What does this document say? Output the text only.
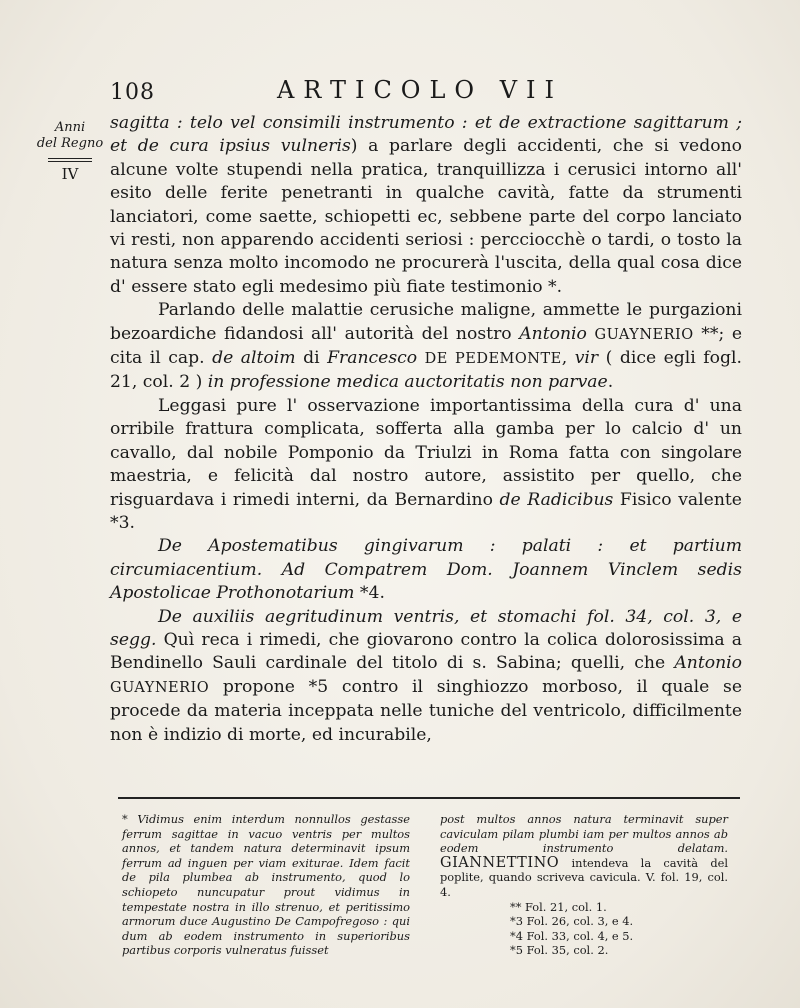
108	ARTICOLO VII
Anni
del Regno
IV

sagitta : telo vel consimili instrumento : et de extractione sagittarum ; et de cura ipsius vulneris) a parlare degli accidenti, che si vedono alcune volte stupendi nella pratica, tranquillizza i cerusici intorno all' esito delle ferite penetranti in qualche cavità, fatte da strumenti lanciatori, come saette, schiopetti ec, sebbene parte del corpo lanciato vi resti, non apparendo accidenti seriosi : percciocchè o tardi, o tosto la natura senza molto incomodo ne procurerà l'uscita, della qual cosa dice d' essere stato egli medesimo più fiate testimonio *.

Parlando delle malattie cerusiche maligne, ammette le purgazioni bezoardiche fidandosi all' autorità del nostro Antonio GUAYNERIO **; e cita il cap. de altoim di Francesco DE PEDEMONTE, vir ( dice egli fogl. 21, col. 2 ) in professione medica auctoritatis non parvae.

Leggasi pure l' osservazione importantissima della cura d' una orribile frattura complicata, sofferta alla gamba per lo calcio d' un cavallo, dal nobile Pomponio da Triulzi in Roma fatta con singolare maestria, e felicità dal nostro autore, assistito per quello, che risguardava i rimedi interni, da Bernardino de Radicibus Fisico valente *3.

De Apostematibus gingivarum : palati : et partium circumiacentium. Ad Compatrem Dom. Joannem Vinclem sedis Apostolicae Prothonotarium *4.

De auxiliis aegritudinum ventris, et stomachi fol. 34, col. 3, e segg. Quì reca i rimedi, che giovarono contro la colica dolorosissima a Bendinello Sauli cardinale del titolo di s. Sabina; quelli, che Antonio GUAYNERIO propone *5 contro il singhiozzo morboso, il quale se procede da materia inceppata nelle tuniche del ventricolo, difficilmente non è indizio di morte, ed incurabile,

* Vidimus enim interdum nonnullos gestasse ferrum sagittae in vacuo ventris per multos annos, et tandem natura determinavit ipsum ferrum ad inguen per viam exiturae. Idem facit de pila plumbea ab instrumento, quod lo schiopeto nuncupatur prout vidimus in tempestate nostra in illo strenuo, et peritissimo armorum duce Augustino De Campofregoso : qui dum ab eodem instrumento in superioribus partibus corporis vulneratus fuisset

post multos annos natura terminavit super caviculam pilam plumbi iam per multos annos ab eodem instrumento delatam. GIANNETTINO intendeva la cavità del poplite, quando scriveva cavicula. V. fol. 19, col. 4.

** Fol. 21, col. 1.
*3 Fol. 26, col. 3, e 4.
*4 Fol. 33, col. 4, e 5.
*5 Fol. 35, col. 2.
